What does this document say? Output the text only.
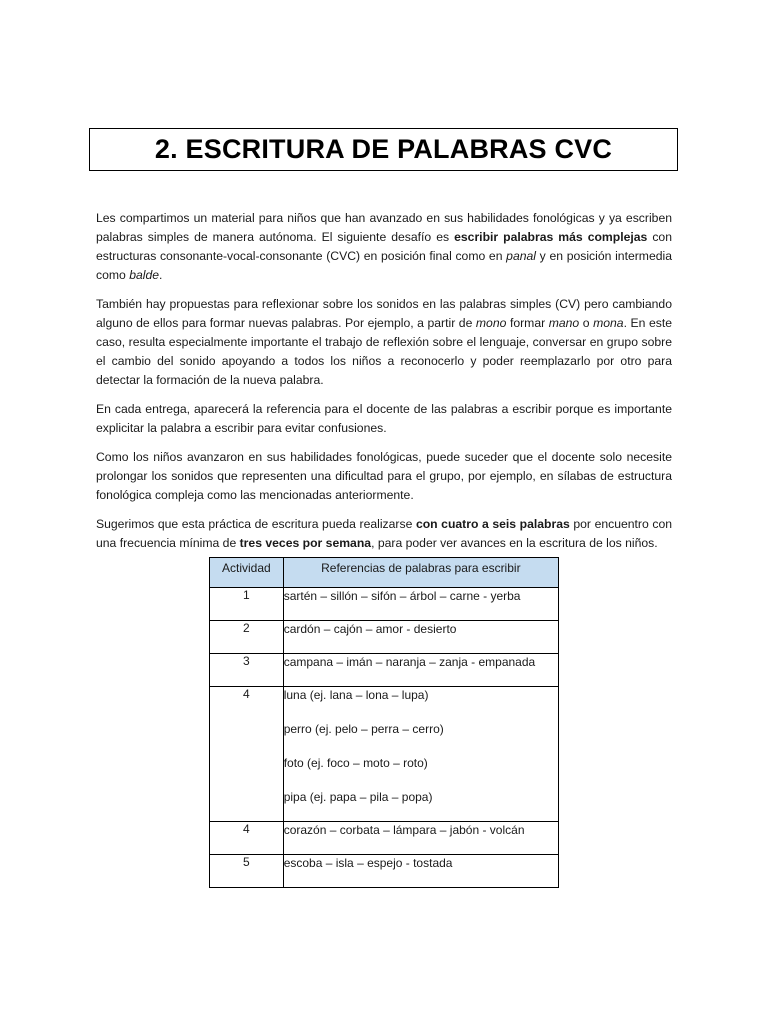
2. ESCRITURA DE PALABRAS CVC

Les compartimos un material para niños que han avanzado en sus habilidades fonológicas y ya escriben palabras simples de manera autónoma. El siguiente desafío es escribir palabras más complejas con estructuras consonante-vocal-consonante (CVC) en posición final como en panal y en posición intermedia como balde.

También hay propuestas para reflexionar sobre los sonidos en las palabras simples (CV) pero cambiando alguno de ellos para formar nuevas palabras. Por ejemplo, a partir de mono formar mano o mona. En este caso, resulta especialmente importante el trabajo de reflexión sobre el lenguaje, conversar en grupo sobre el cambio del sonido apoyando a todos los niños a reconocerlo y poder reemplazarlo por otro para detectar la formación de la nueva palabra.

En cada entrega, aparecerá la referencia para el docente de las palabras a escribir porque es importante explicitar la palabra a escribir para evitar confusiones.

Como los niños avanzaron en sus habilidades fonológicas, puede suceder que el docente solo necesite prolongar los sonidos que representen una dificultad para el grupo, por ejemplo, en sílabas de estructura fonológica compleja como las mencionadas anteriormente.

Sugerimos que esta práctica de escritura pueda realizarse con cuatro a seis palabras por encuentro con una frecuencia mínima de tres veces por semana, para poder ver avances en la escritura de los niños.

Actividad	Referencias de palabras para escribir
1	sartén – sillón – sifón – árbol – carne - yerba

2	cardón – cajón – amor - desierto

3	campana – imán – naranja – zanja - empanada

4	luna (ej. lana – lona – lupa)
perro (ej. pelo – perra – cerro)
foto (ej. foco – moto – roto)
pipa (ej. papa – pila – popa)

4	corazón – corbata – lámpara – jabón - volcán

5	escoba – isla – espejo - tostada
